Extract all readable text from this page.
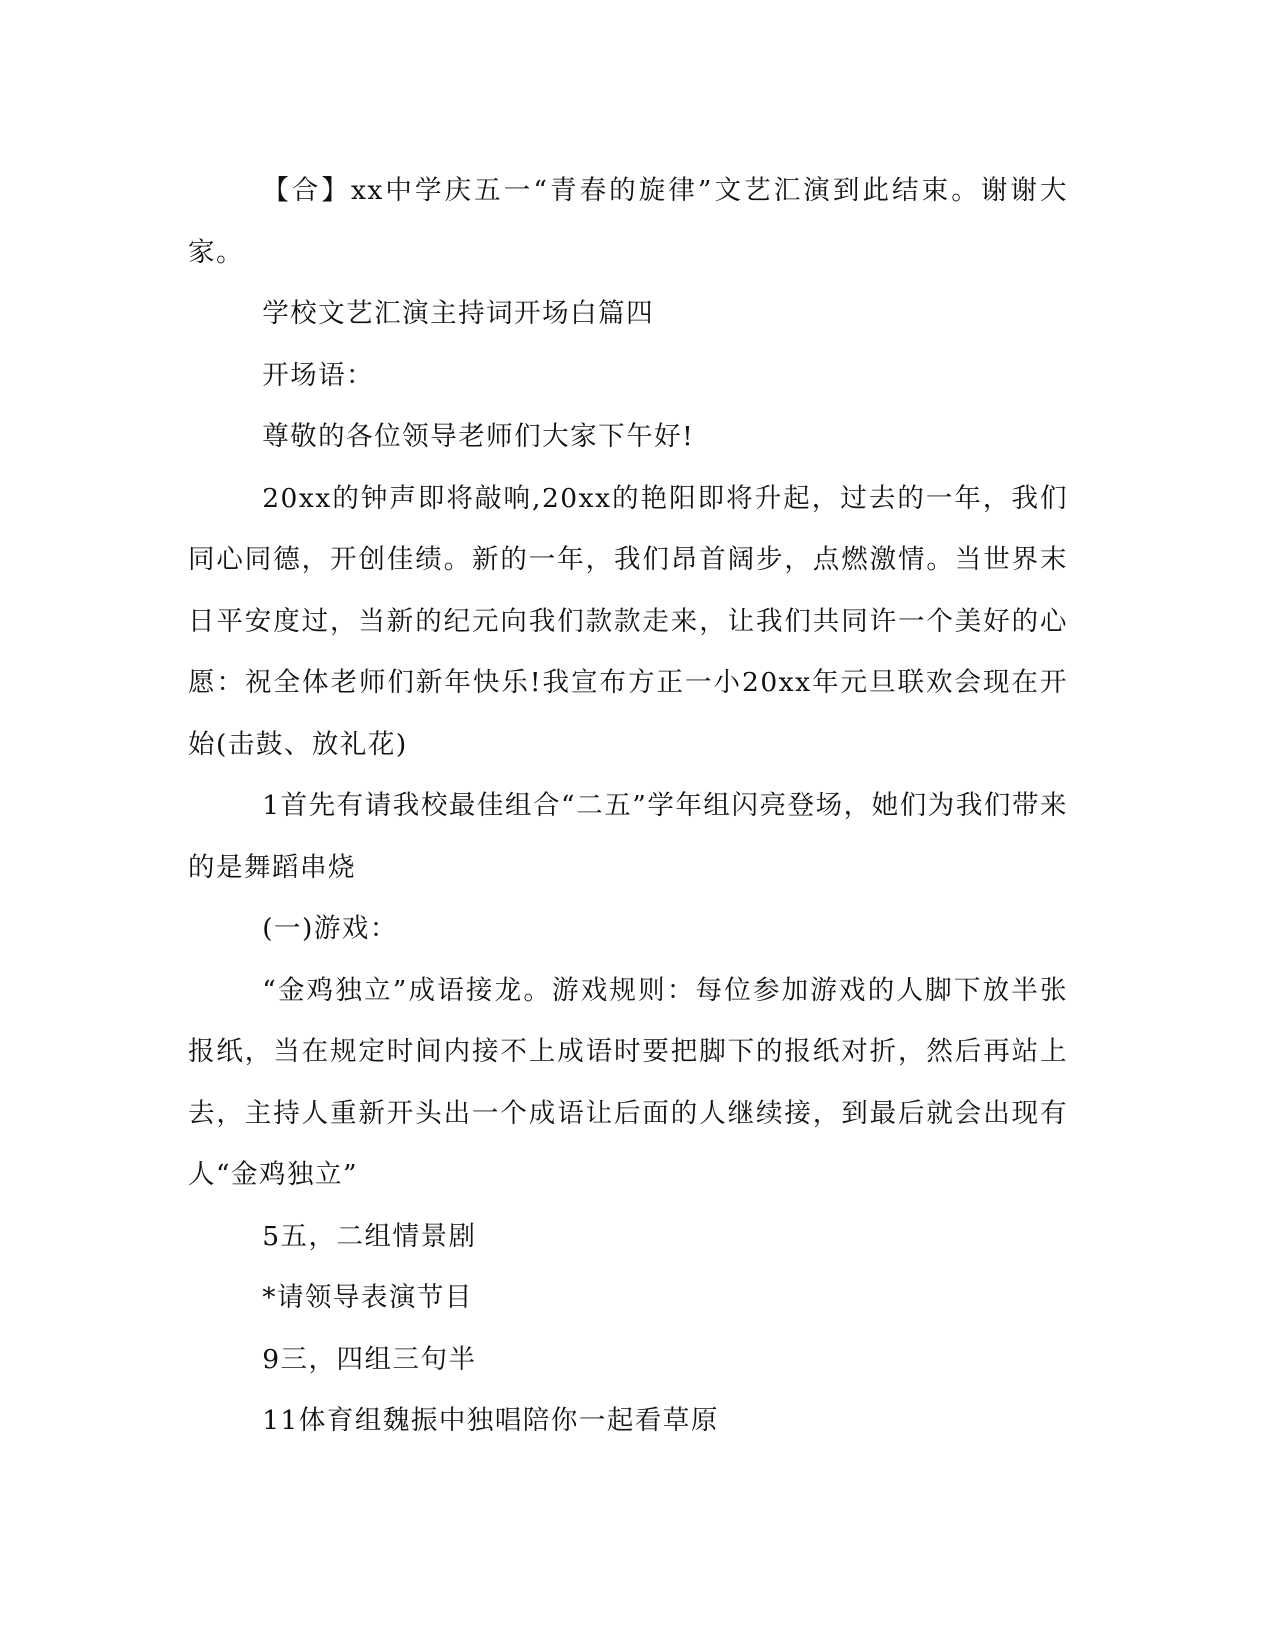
【合】xx中学庆五一“青春的旋律”文艺汇演到此结束。谢谢大家。

学校文艺汇演主持词开场白篇四

开场语：

尊敬的各位领导老师们大家下午好!

20xx的钟声即将敲响,20xx的艳阳即将升起，过去的一年，我们同心同德，开创佳绩。新的一年，我们昂首阔步，点燃激情。当世界末日平安度过，当新的纪元向我们款款走来，让我们共同许一个美好的心愿：祝全体老师们新年快乐!我宣布方正一小20xx年元旦联欢会现在开始(击鼓、放礼花)

1首先有请我校最佳组合“二五”学年组闪亮登场，她们为我们带来的是舞蹈串烧

(一)游戏：

“金鸡独立”成语接龙。游戏规则：每位参加游戏的人脚下放半张报纸，当在规定时间内接不上成语时要把脚下的报纸对折，然后再站上去，主持人重新开头出一个成语让后面的人继续接，到最后就会出现有人“金鸡独立”

5五，二组情景剧

*请领导表演节目

9三，四组三句半

11体育组魏振中独唱陪你一起看草原
